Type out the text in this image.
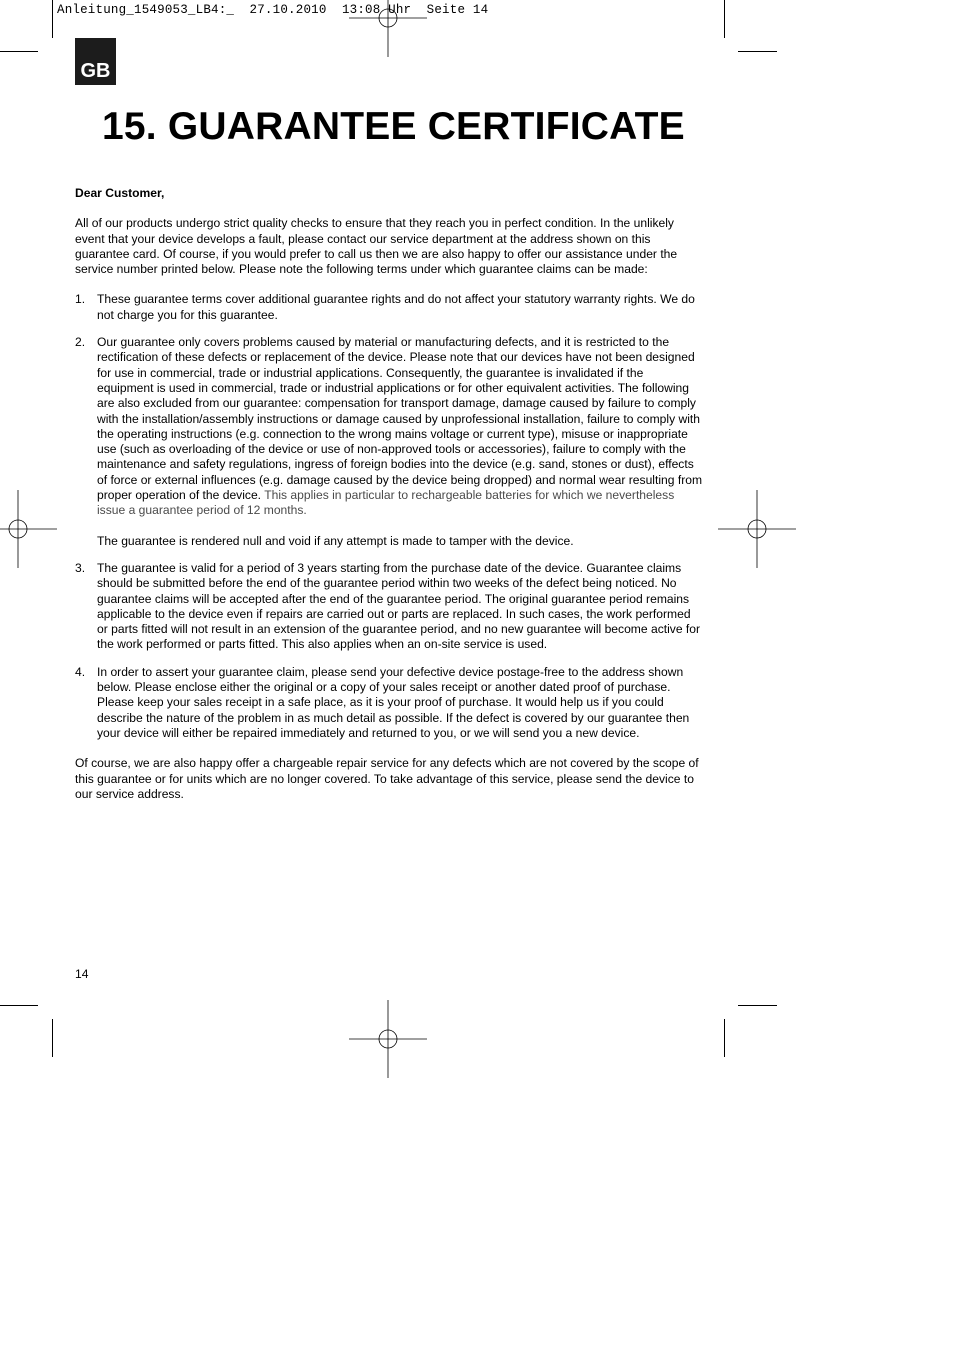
Anleitung_1549053_LB4:_  27.10.2010  13:08 Uhr  Seite 14
GB
15. GUARANTEE CERTIFICATE

Dear Customer,

All of our products undergo strict quality checks to ensure that they reach you in perfect condition. In the unlikely event that your device develops a fault, please contact our service department at the address shown on this guarantee card. Of course, if you would prefer to call us then we are also happy to offer our assistance under the service number printed below. Please note the following terms under which guarantee claims can be made:

1. These guarantee terms cover additional guarantee rights and do not affect your statutory warranty rights. We do not charge you for this guarantee.

2. Our guarantee only covers problems caused by material or manufacturing defects, and it is restricted to the rectification of these defects or replacement of the device. Please note that our devices have not been designed for use in commercial, trade or industrial applications. Consequently, the guarantee is invalidated if the equipment is used in commercial, trade or industrial applications or for other equivalent activities. The following are also excluded from our guarantee: compensation for transport damage, damage caused by failure to comply with the installation/assembly instructions or damage caused by unprofessional installation, failure to comply with the operating instructions (e.g. connection to the wrong mains voltage or current type), misuse or inappropriate use (such as overloading of the device or use of non-approved tools or accessories), failure to comply with the maintenance and safety regulations, ingress of foreign bodies into the device (e.g. sand, stones or dust), effects of force or external influences (e.g. damage caused by the device being dropped) and normal wear resulting from proper operation of the device. This applies in particular to rechargeable batteries for which we nevertheless issue a guarantee period of 12 months.

The guarantee is rendered null and void if any attempt is made to tamper with the device.

3. The guarantee is valid for a period of 3 years starting from the purchase date of the device. Guarantee claims should be submitted before the end of the guarantee period within two weeks of the defect being noticed. No guarantee claims will be accepted after the end of the guarantee period. The original guarantee period remains applicable to the device even if repairs are carried out or parts are replaced. In such cases, the work performed or parts fitted will not result in an extension of the guarantee period, and no new guarantee will become active for the work performed or parts fitted. This also applies when an on-site service is used.

4. In order to assert your guarantee claim, please send your defective device postage-free to the address shown below. Please enclose either the original or a copy of your sales receipt or another dated proof of purchase. Please keep your sales receipt in a safe place, as it is your proof of purchase. It would help us if you could describe the nature of the problem in as much detail as possible. If the defect is covered by our guarantee then your device will either be repaired immediately and returned to you, or we will send you a new device.

Of course, we are also happy offer a chargeable repair service for any defects which are not covered by the scope of this guarantee or for units which are no longer covered. To take advantage of this service, please send the device to our service address.

14
